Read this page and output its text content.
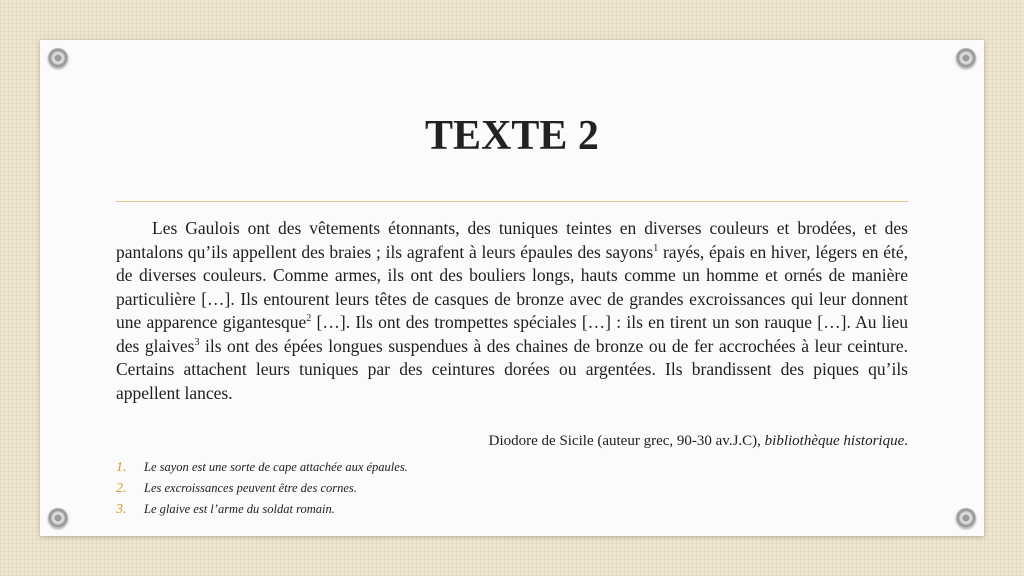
TEXTE 2

Les Gaulois ont des vêtements étonnants, des tuniques teintes en diverses couleurs et brodées, et des pantalons qu’ils appellent des braies ; ils agrafent à leurs épaules des sayons$^1$ rayés, épais en hiver, légers en été, de diverses couleurs. Comme armes, ils ont des bouliers longs, hauts comme un homme et ornés de manière particulière […]. Ils entourent leurs têtes de casques de bronze avec de grandes excroissances qui leur donnent une apparence gigantesque$^2$ […]. Ils ont des trompettes spéciales […] : ils en tirent un son rauque […]. Au lieu des glaives$^3$ ils ont des épées longues suspendues à des chaines de bronze ou de fer accrochées à leur ceinture. Certains attachent leurs tuniques par des ceintures dorées ou argentées. Ils brandissent des piques qu’ils appellent lances.

Diodore de Sicile (auteur grec, 90-30 av.J.C), bibliothèque historique.
1. Le sayon est une sorte de cape attachée aux épaules.
2. Les excroissances peuvent être des cornes.
3. Le glaive est l’arme du soldat romain.
